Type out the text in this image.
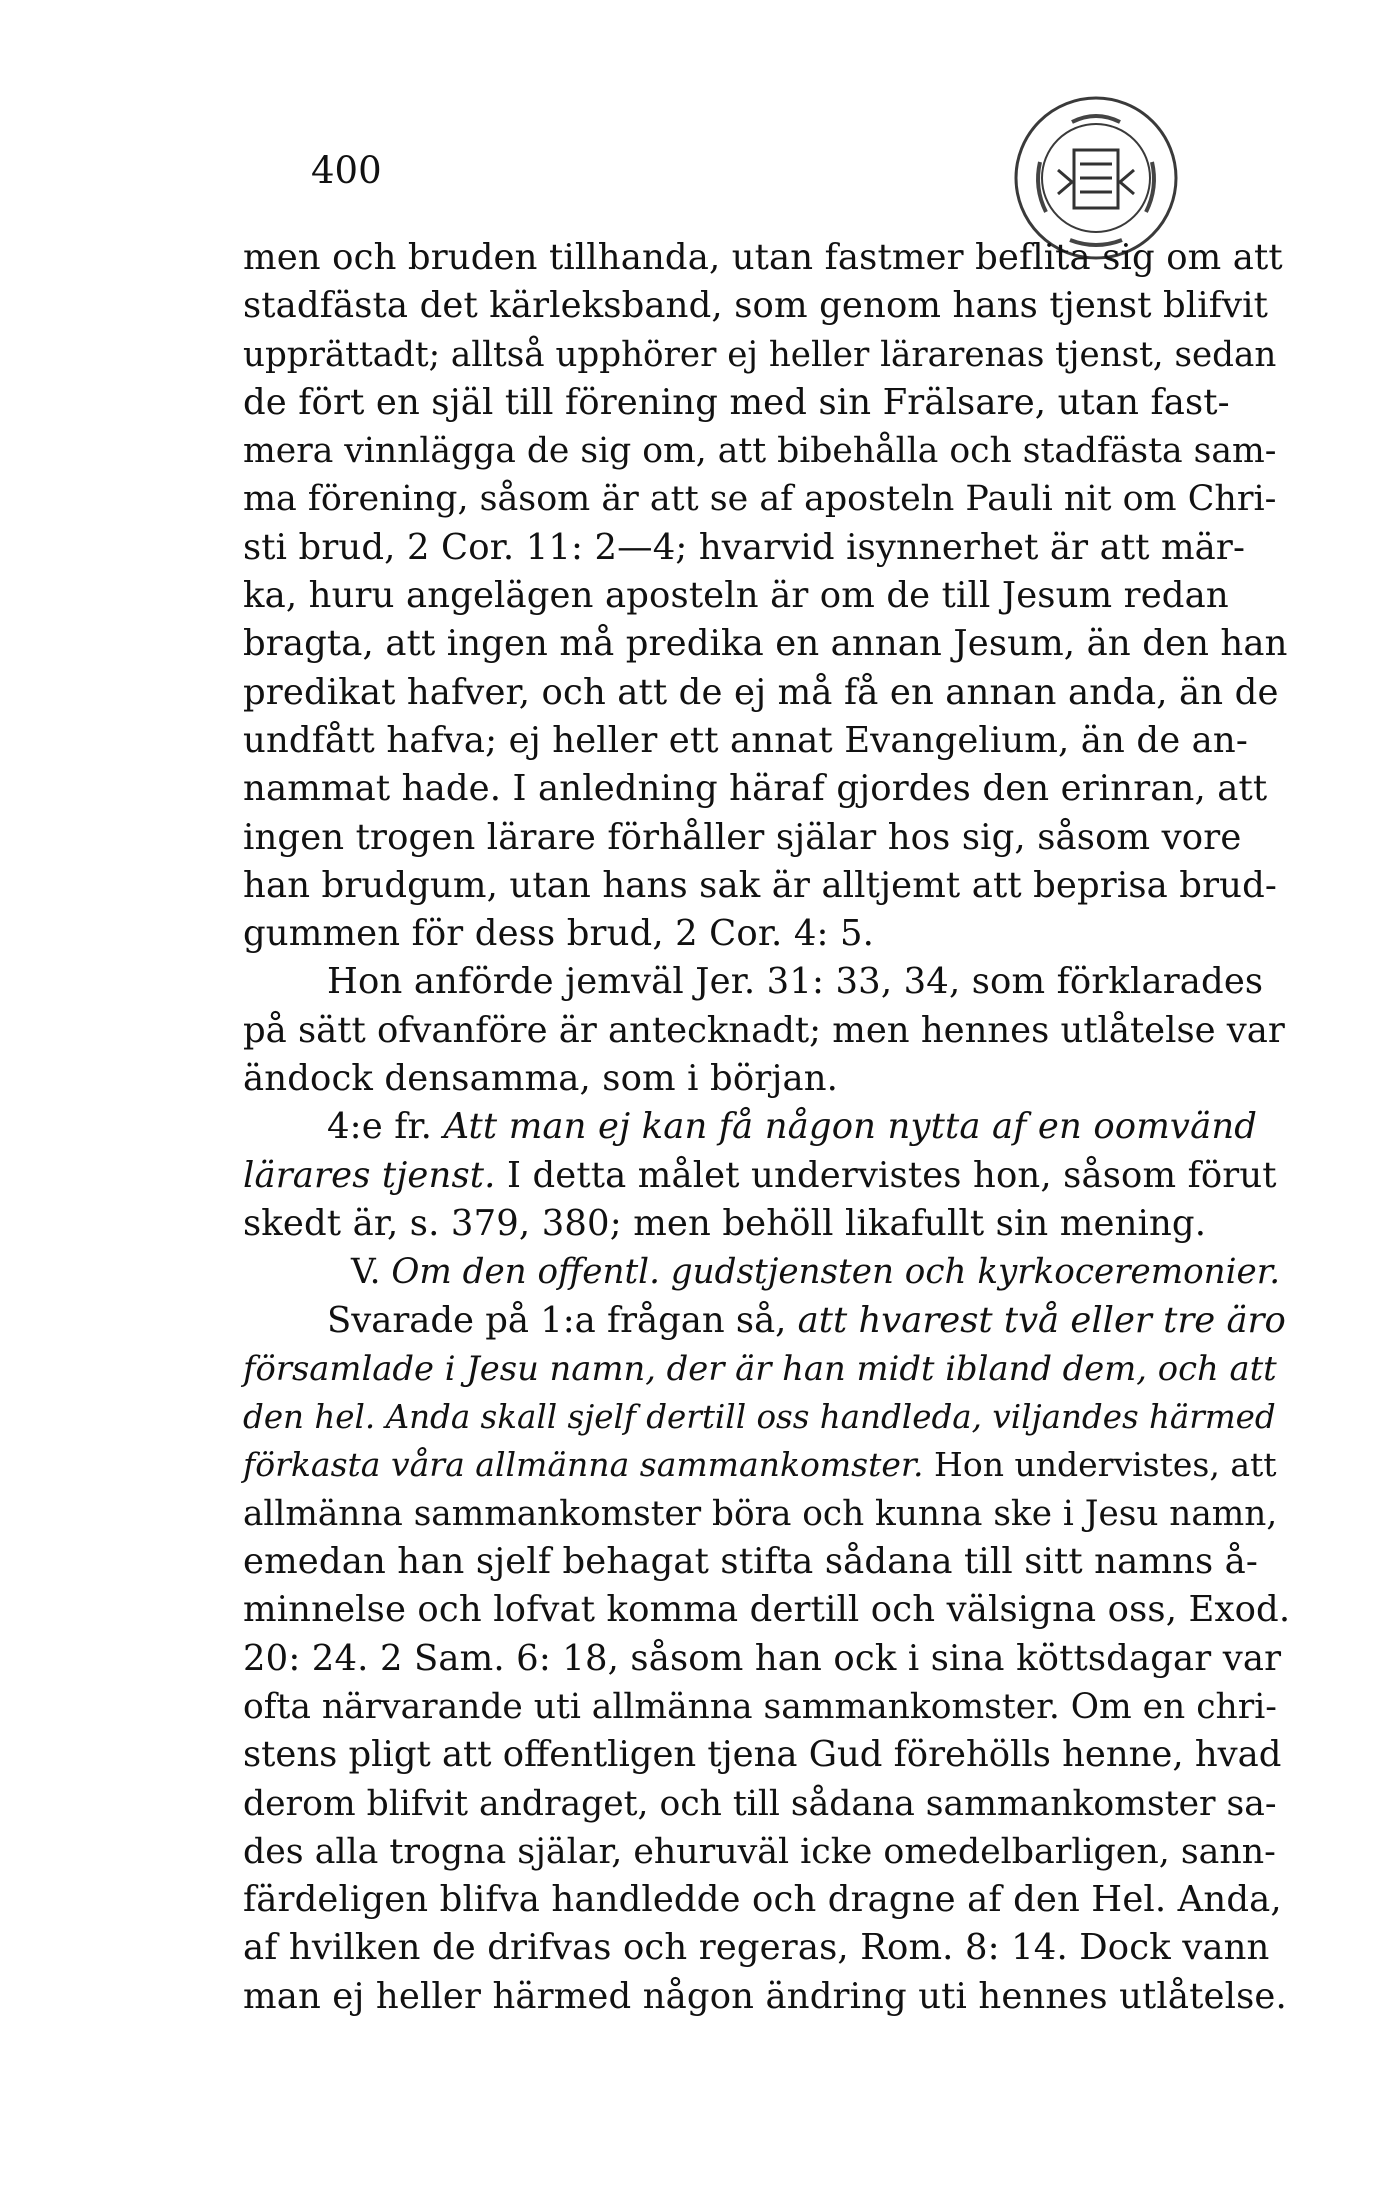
400
men och bruden tillhanda, utan fastmer beflita sig om att
stadfästa det kärleksband, som genom hans tjenst blifvit
upprättadt; alltså upphörer ej heller lärarenas tjenst, sedan
de fört en själ till förening med sin Frälsare, utan fast-
mera vinnlägga de sig om, att bibehålla och stadfästa sam-
ma förening, såsom är att se af aposteln Pauli nit om Chri-
sti brud, 2 Cor. 11: 2—4; hvarvid isynnerhet är att mär-
ka, huru angelägen aposteln är om de till Jesum redan
bragta, att ingen må predika en annan Jesum, än den han
predikat hafver, och att de ej må få en annan anda, än de
undfått hafva; ej heller ett annat Evangelium, än de an-
nammat hade. I anledning häraf gjordes den erinran, att
ingen trogen lärare förhåller själar hos sig, såsom vore
han brudgum, utan hans sak är alltjemt att beprisa brud-
gummen för dess brud, 2 Cor. 4: 5.
Hon anförde jemväl Jer. 31: 33, 34, som förklarades
på sätt ofvanföre är antecknadt; men hennes utlåtelse var
ändock densamma, som i början.
4:e fr. Att man ej kan få någon nytta af en oomvänd
lärares tjenst. I detta målet undervistes hon, såsom förut
skedt är, s. 379, 380; men behöll likafullt sin mening.
V. Om den offentl. gudstjensten och kyrkoceremonier.
Svarade på 1:a frågan så, att hvarest två eller tre äro
församlade i Jesu namn, der är han midt ibland dem, och att
den hel. Anda skall sjelf dertill oss handleda, viljandes härmed
förkasta våra allmänna sammankomster. Hon undervistes, att
allmänna sammankomster böra och kunna ske i Jesu namn,
emedan han sjelf behagat stifta sådana till sitt namns å-
minnelse och lofvat komma dertill och välsigna oss, Exod.
20: 24. 2 Sam. 6: 18, såsom han ock i sina köttsdagar var
ofta närvarande uti allmänna sammankomster. Om en chri-
stens pligt att offentligen tjena Gud förehölls henne, hvad
derom blifvit andraget, och till sådana sammankomster sa-
des alla trogna själar, ehuruväl icke omedelbarligen, sann-
färdeligen blifva handledde och dragne af den Hel. Anda,
af hvilken de drifvas och regeras, Rom. 8: 14. Dock vann
man ej heller härmed någon ändring uti hennes utlåtelse.
